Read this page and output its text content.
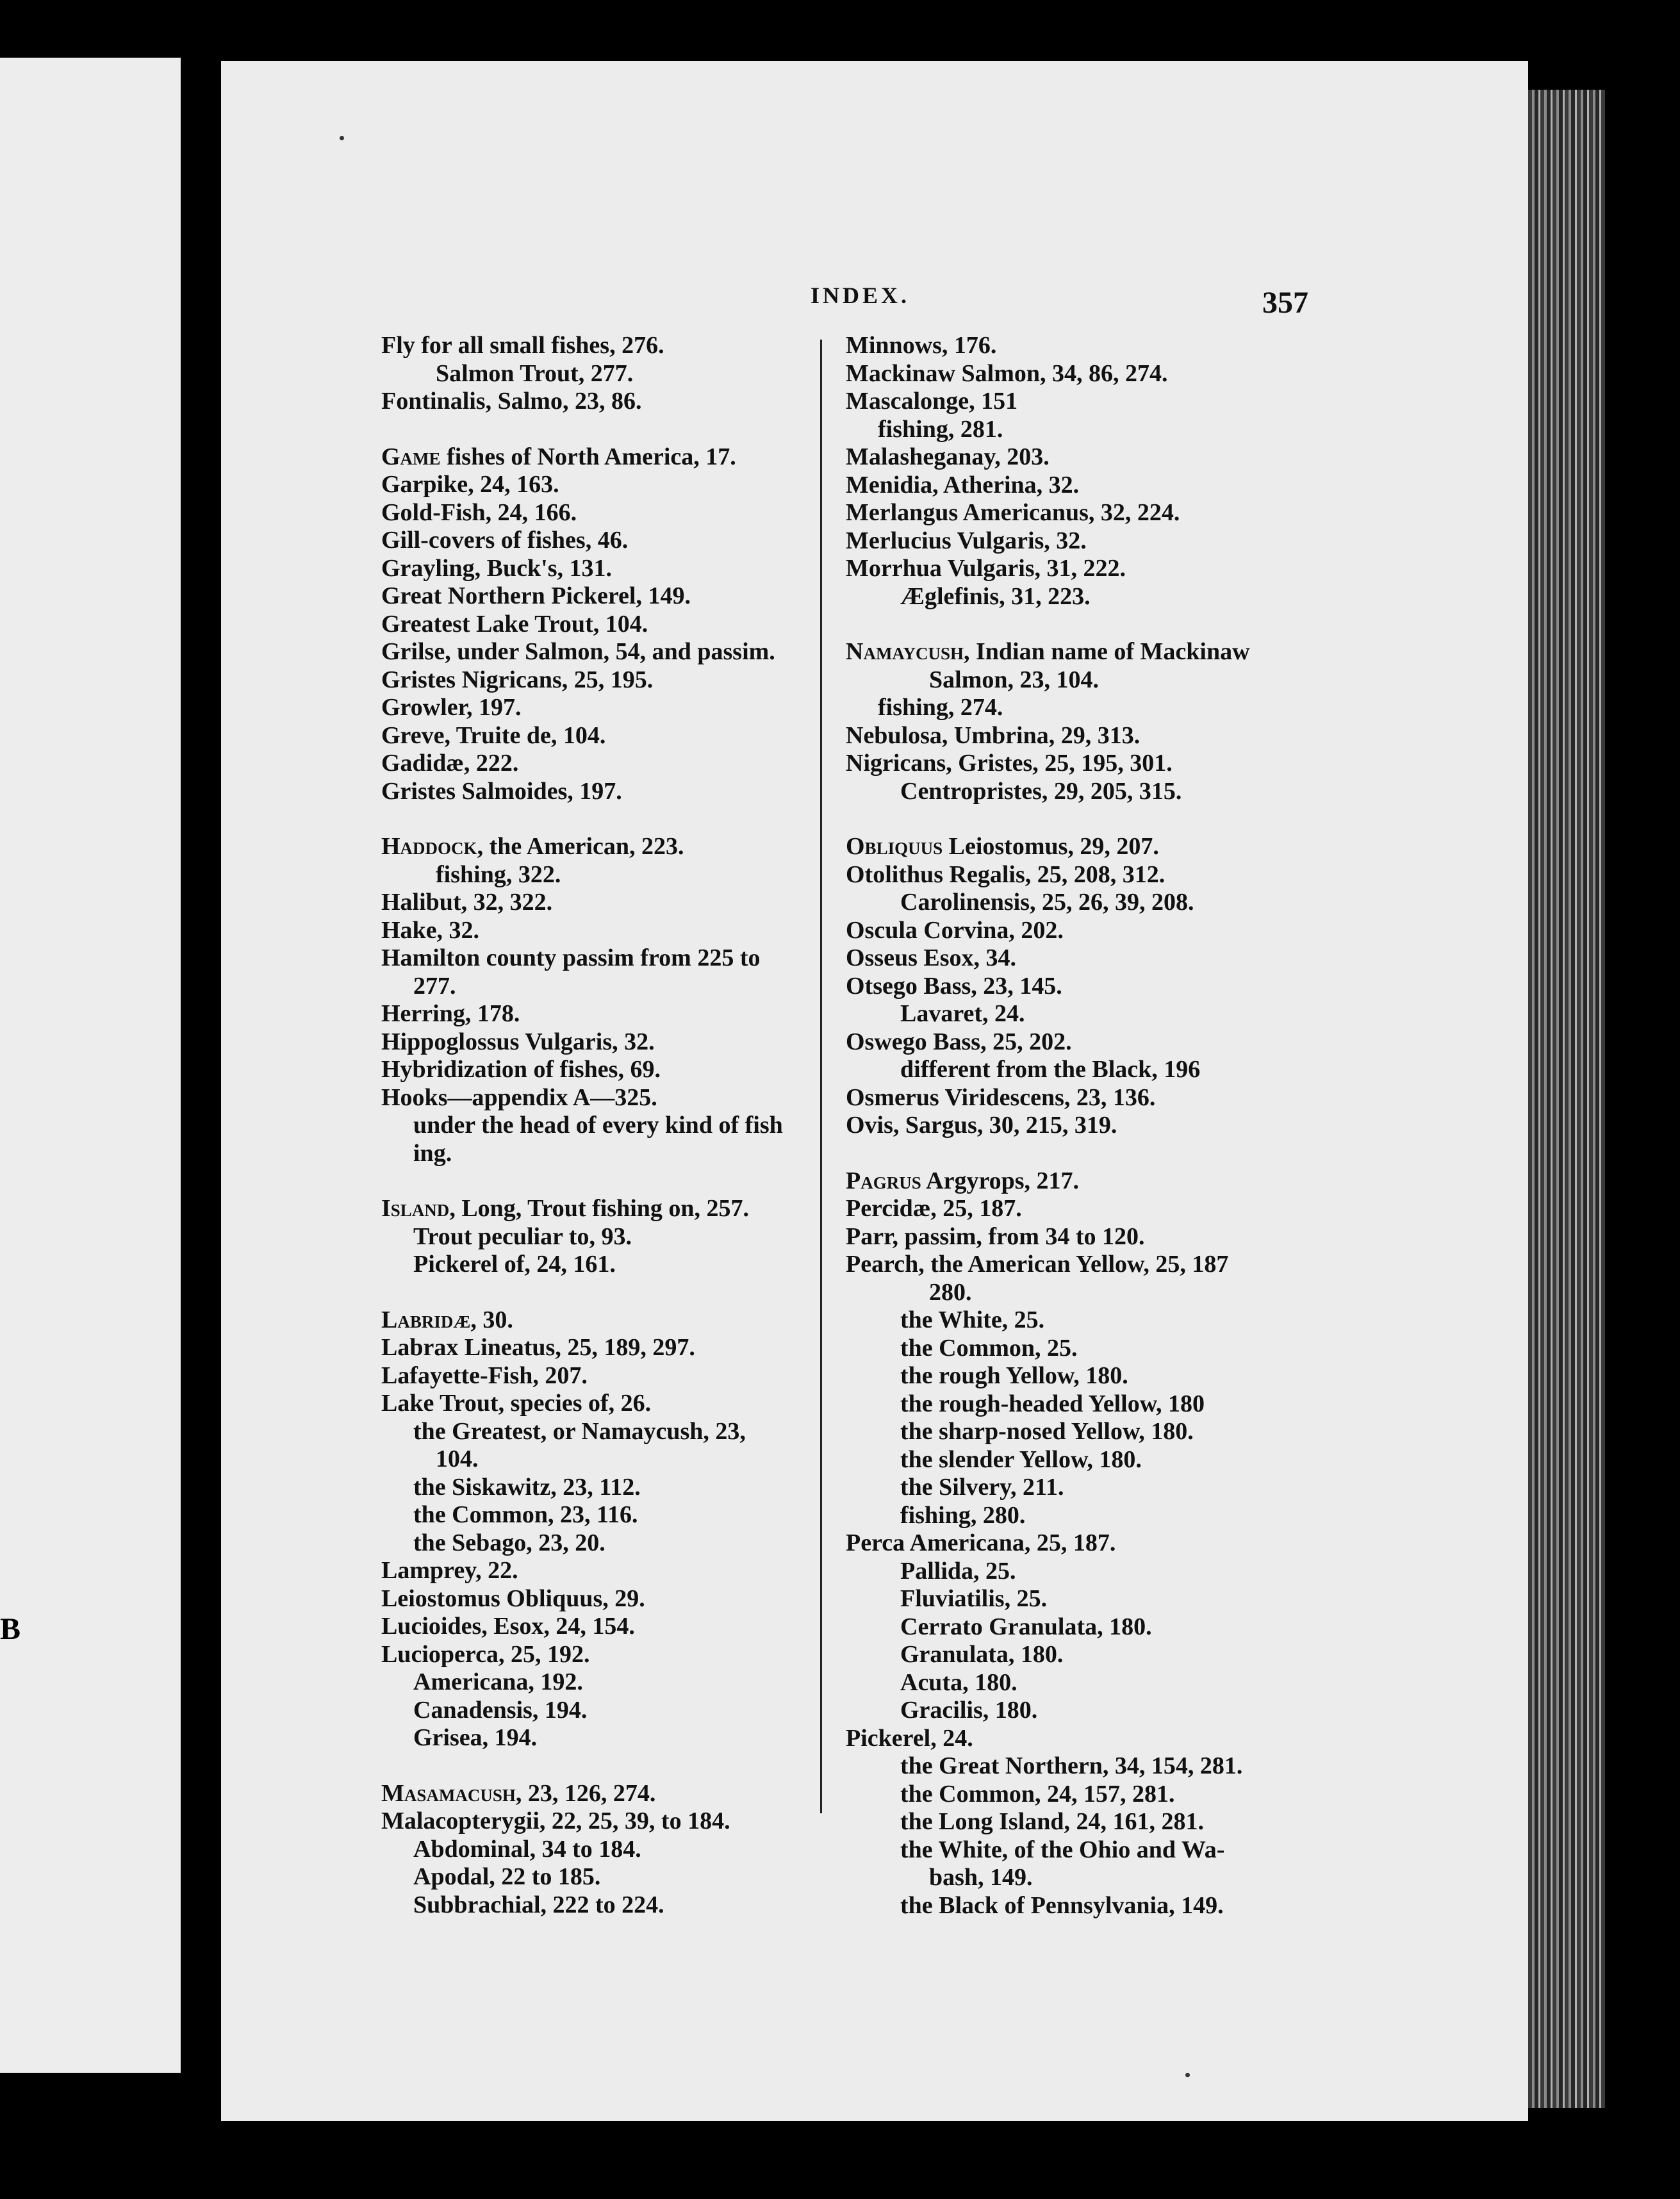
B
INDEX.	357
Fly for all small fishes, 276.
Salmon Trout, 277.
Fontinalis, Salmo, 23, 86.
Game fishes of North America, 17.
Garpike, 24, 163.
Gold-Fish, 24, 166.
Gill-covers of fishes, 46.
Grayling, Buck's, 131.
Great Northern Pickerel, 149.
Greatest Lake Trout, 104.
Grilse, under Salmon, 54, and passim.
Gristes Nigricans, 25, 195.
Growler, 197.
Greve, Truite de, 104.
Gadidæ, 222.
Gristes Salmoides, 197.
Haddock, the American, 223.
fishing, 322.
Halibut, 32, 322.
Hake, 32.
Hamilton county passim from 225 to
277.
Herring, 178.
Hippoglossus Vulgaris, 32.
Hybridization of fishes, 69.
Hooks—appendix A—325.
under the head of every kind of fish
ing.
Island, Long, Trout fishing on, 257.
Trout peculiar to, 93.
Pickerel of, 24, 161.
Labridæ, 30.
Labrax Lineatus, 25, 189, 297.
Lafayette-Fish, 207.
Lake Trout, species of, 26.
the Greatest, or Namaycush, 23,
104.
the Siskawitz, 23, 112.
the Common, 23, 116.
the Sebago, 23, 20.
Lamprey, 22.
Leiostomus Obliquus, 29.
Lucioides, Esox, 24, 154.
Lucioperca, 25, 192.
Americana, 192.
Canadensis, 194.
Grisea, 194.
Masamacush, 23, 126, 274.
Malacopterygii, 22, 25, 39, to 184.
Abdominal, 34 to 184.
Apodal, 22 to 185.
Subbrachial, 222 to 224.
Minnows, 176.
Mackinaw Salmon, 34, 86, 274.
Mascalonge, 151
fishing, 281.
Malasheganay, 203.
Menidia, Atherina, 32.
Merlangus Americanus, 32, 224.
Merlucius Vulgaris, 32.
Morrhua Vulgaris, 31, 222.
Æglefinis, 31, 223.
Namaycush, Indian name of Mackinaw
Salmon, 23, 104.
fishing, 274.
Nebulosa, Umbrina, 29, 313.
Nigricans, Gristes, 25, 195, 301.
Centropristes, 29, 205, 315.
Obliquus Leiostomus, 29, 207.
Otolithus Regalis, 25, 208, 312.
Carolinensis, 25, 26, 39, 208.
Oscula Corvina, 202.
Osseus Esox, 34.
Otsego Bass, 23, 145.
Lavaret, 24.
Oswego Bass, 25, 202.
different from the Black, 196
Osmerus Viridescens, 23, 136.
Ovis, Sargus, 30, 215, 319.
Pagrus Argyrops, 217.
Percidæ, 25, 187.
Parr, passim, from 34 to 120.
Pearch, the American Yellow, 25, 187
280.
the White, 25.
the Common, 25.
the rough Yellow, 180.
the rough-headed Yellow, 180
the sharp-nosed Yellow, 180.
the slender Yellow, 180.
the Silvery, 211.
fishing, 280.
Perca Americana, 25, 187.
Pallida, 25.
Fluviatilis, 25.
Cerrato Granulata, 180.
Granulata, 180.
Acuta, 180.
Gracilis, 180.
Pickerel, 24.
the Great Northern, 34, 154, 281.
the Common, 24, 157, 281.
the Long Island, 24, 161, 281.
the White, of the Ohio and Wa-
bash, 149.
the Black of Pennsylvania, 149.
